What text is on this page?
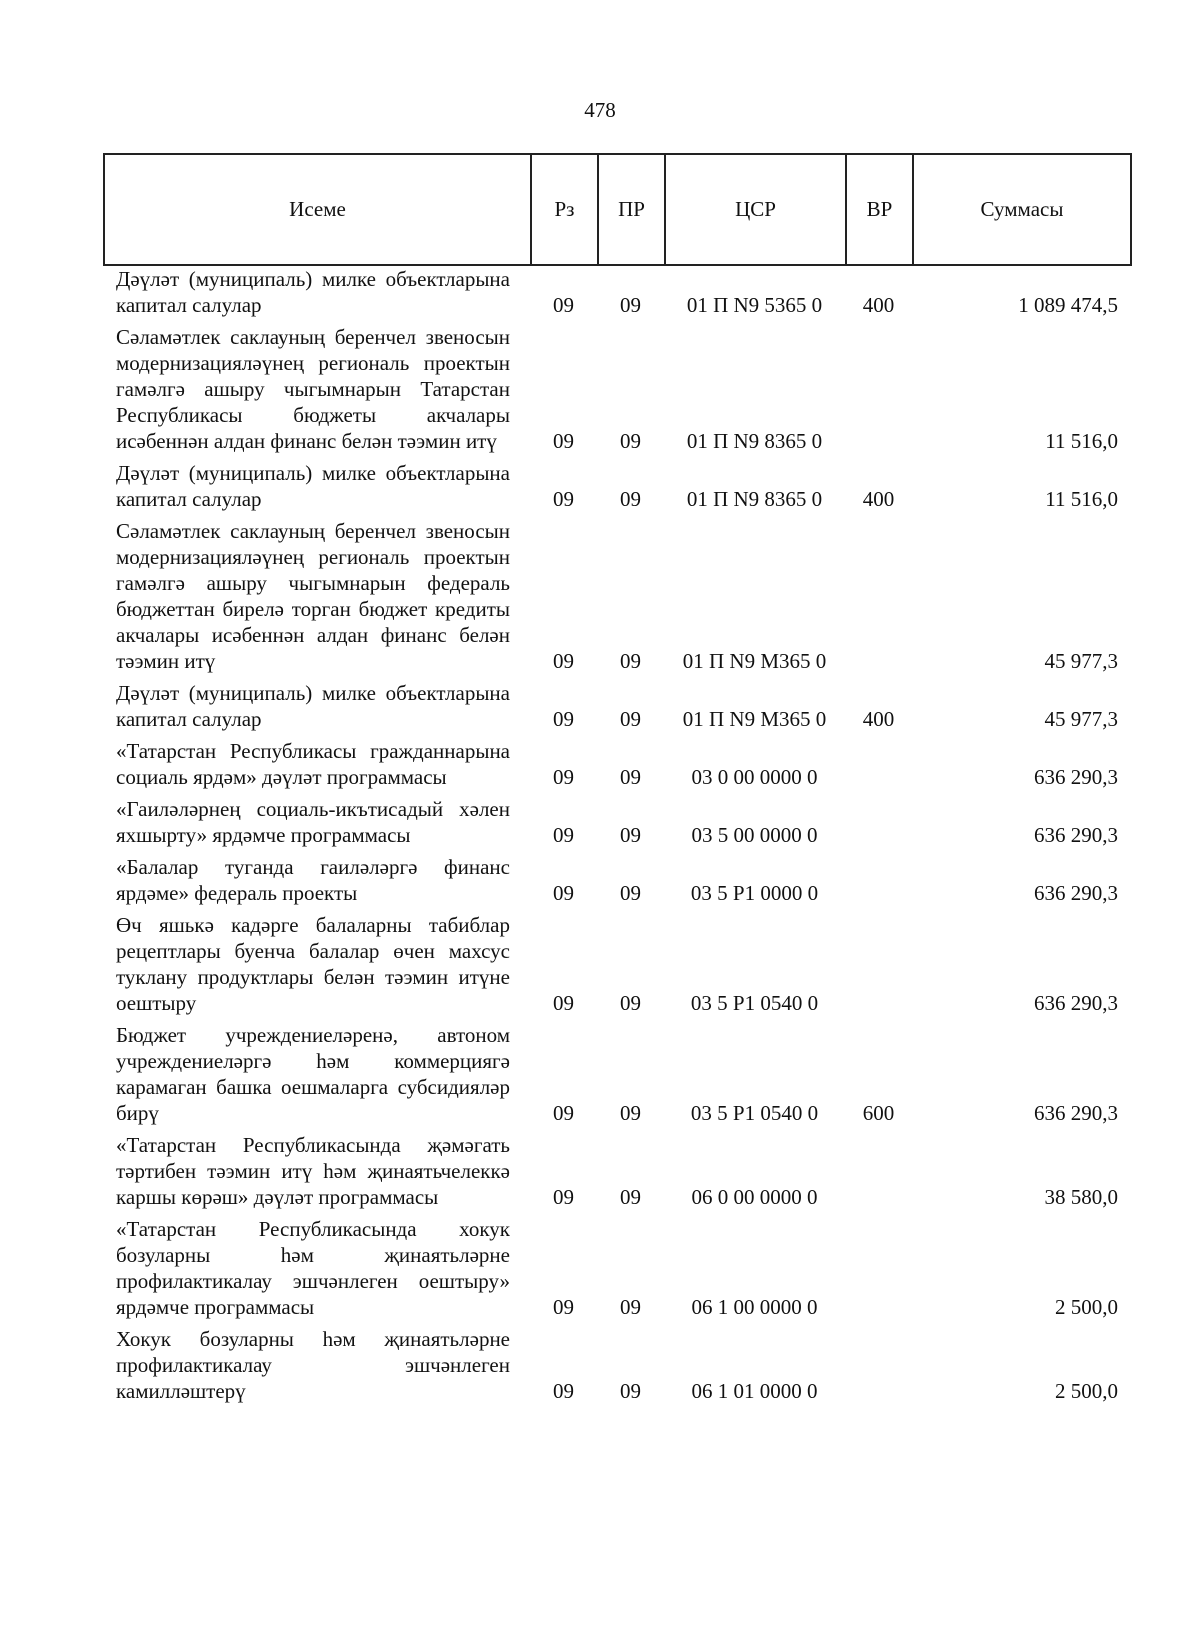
478
Исеме	Рз	ПР	ЦСР	ВР	Суммасы
Дәүләт (муниципаль) милке объектларына капитал салулар	09	09	01 П N9 5365 0	400	1 089 474,5
Сәламәтлек саклауның беренчел звеносын модернизацияләүнең региональ проектын гамәлгә ашыру чыгымнарын Татарстан Республикасы бюджеты акчалары исәбеннән алдан финанс белән тәэмин итү	09	09	01 П N9 8365 0		11 516,0
Дәүләт (муниципаль) милке объектларына капитал салулар	09	09	01 П N9 8365 0	400	11 516,0
Сәламәтлек саклауның беренчел звеносын модернизацияләүнең региональ проектын гамәлгә ашыру чыгымнарын федераль бюджеттан бирелә торган бюджет кредиты акчалары исәбеннән алдан финанс белән тәэмин итү	09	09	01 П N9 М365 0		45 977,3
Дәүләт (муниципаль) милке объектларына капитал салулар	09	09	01 П N9 М365 0	400	45 977,3
«Татарстан Республикасы гражданнарына социаль ярдәм» дәүләт программасы	09	09	03 0 00 0000 0		636 290,3
«Гаиләләрнең социаль-икътисадый хәлен яхшырту» ярдәмче программасы	09	09	03 5 00 0000 0		636 290,3
«Балалар туганда гаиләләргә финанс ярдәме» федераль проекты	09	09	03 5 Р1 0000 0		636 290,3
Өч яшькә кадәрге балаларны табиблар рецептлары буенча балалар өчен махсус туклану продуктлары белән тәэмин итүне оештыру	09	09	03 5 Р1 0540 0		636 290,3
Бюджет учреждениеләренә, автоном учреждениеләргә һәм коммерциягә карамаган башка оешмаларга субсидияләр бирү	09	09	03 5 Р1 0540 0	600	636 290,3
«Татарстан Республикасында җәмәгать тәртибен тәэмин итү һәм җинаятьчелеккә каршы көрәш» дәүләт программасы	09	09	06 0 00 0000 0		38 580,0
«Татарстан Республикасында хокук бозуларны һәм җинаятьләрне профилактикалау эшчәнлеген оештыру» ярдәмче программасы	09	09	06 1 00 0000 0		2 500,0
Хокук бозуларны һәм җинаятьләрне профилактикалау эшчәнлеген камилләштерү	09	09	06 1 01 0000 0		2 500,0
